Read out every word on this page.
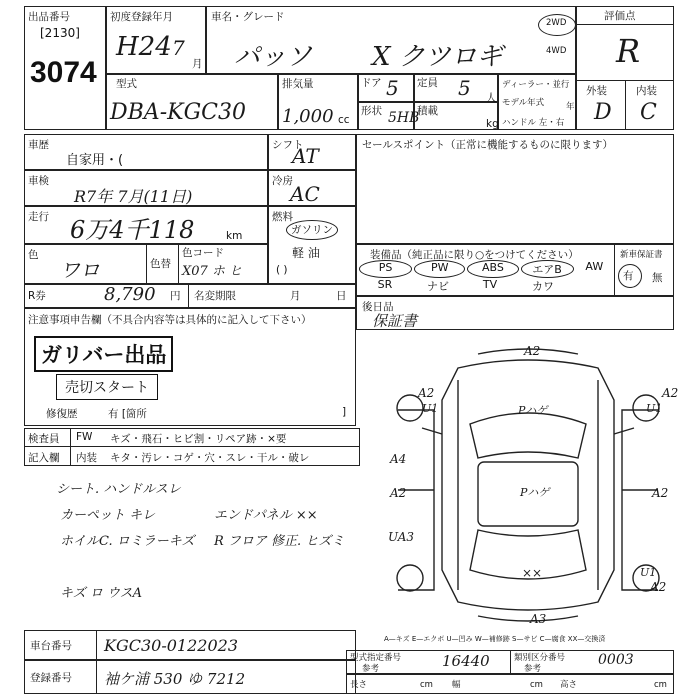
出品番号
[2130]
3074
初度登録年月
H24 7
月
車名・グレード
パッソ X クツロギ
2WD
4WD
評価点
R
外装	内装
D C
型式
DBA-KGC30
排気量
1,000 cc
ドア 5 定員 5 人
形状 5HB
積載
kg
ディーラー・並行
モデル年式	年
ハンドル 左・右
車歴
自家用・(
シフト
AT
車検
R7年 7月(11日)
冷房
AC
走行 6万4千118	km
燃料
ガソリン
軽 油
( )
色
ワロ	色替
色コード
X07 ホ ヒ
セールスポイント（正常に機能するものに限ります）
装備品（純正品に限り○をつけてください）	新車保証書
有 無
PS	PW	ABS	エアB	AW
SR	ナビ	TV	カワ
後日品
保証書
R券	8,790 円 名変期限	月	日
注意事項申告欄（不具合内容等は具体的に記入して下さい）
ガリバー出品
売切スタート
修復歴	有 [箇所	]
検査員 FW キズ・飛石・ヒビ割・リペア跡・×要
記入欄 内装 キタ・汚レ・コゲ・穴・スレ・干ル・破レ
シート. ハンドルスレ
カーペット キレ
ホイルC. ロミラーキズ
キズ ロ ウスA
エンドパネル ××
R フロア 修正. ヒズミ
A2
A2
U1
A2
U1
A4
A2	A2
UA3
U1
A2
A3
Pハゲ
Pハゲ
××
A—キズ E—エクボ U—凹み W—補修跡 S—サビ C—腐食 XX—交換済
車台番号 KGC30-0122023
登録番号 袖ケ浦 530 ゆ 7212
型式指定番号
参考	16440	類別区分番号
参考
0003
長さ	cm 幅	cm 高さ	cm
